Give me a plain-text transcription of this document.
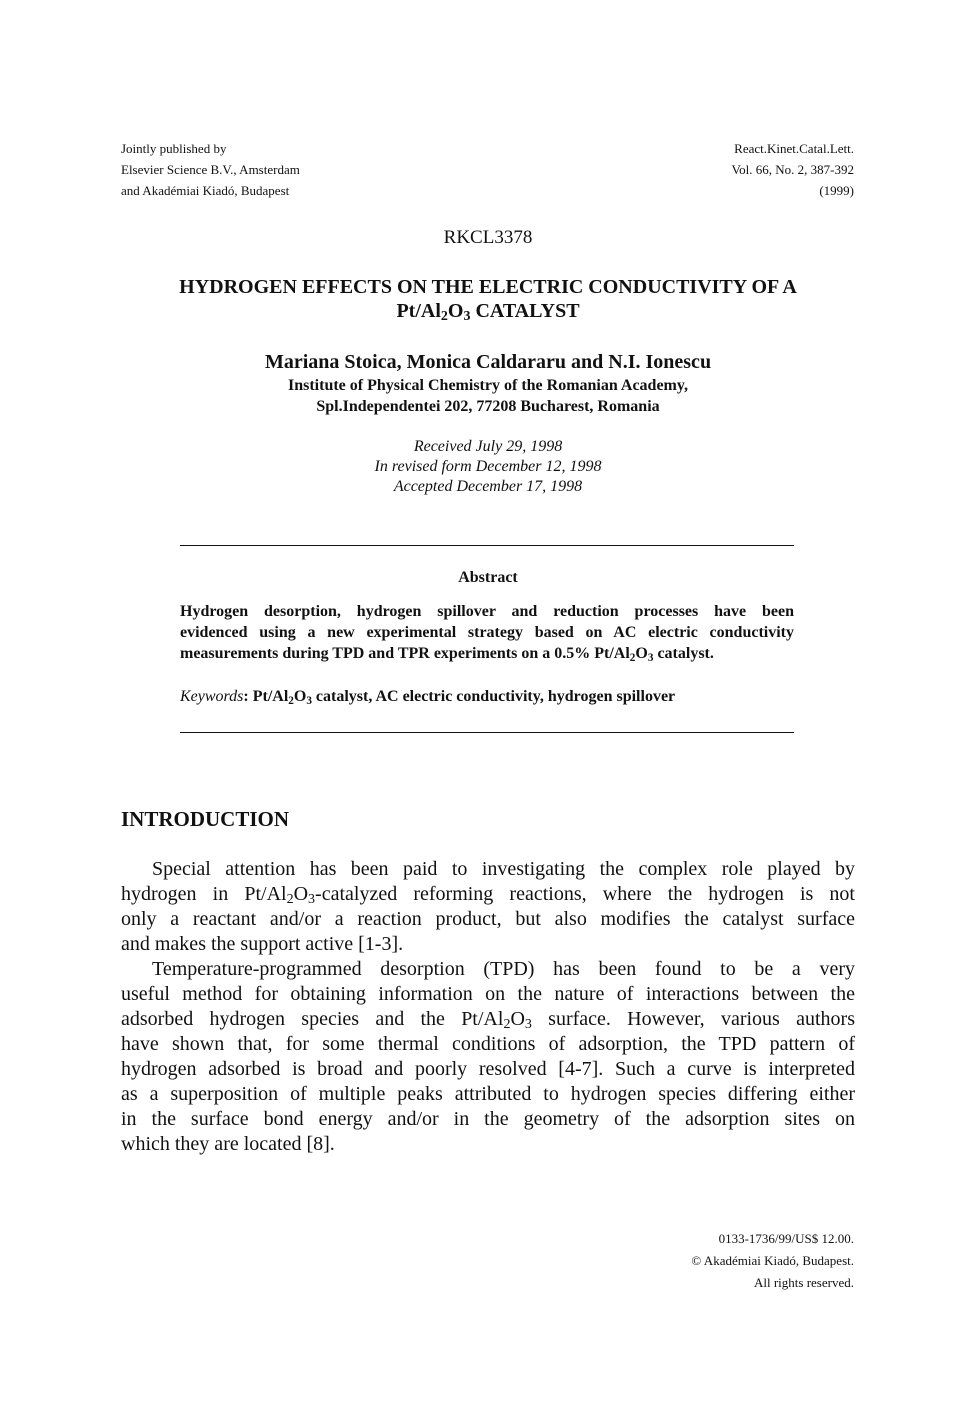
Jointly published by
Elsevier Science B.V., Amsterdam
and Akadémiai Kiadó, Budapest
React.Kinet.Catal.Lett.
Vol. 66, No. 2, 387-392
(1999)
RKCL3378
HYDROGEN EFFECTS ON THE ELECTRIC CONDUCTIVITY OF A
$Pt/Al_2O_3$ CATALYST
Mariana Stoica, Monica Caldararu and N.I. Ionescu
Institute of Physical Chemistry of the Romanian Academy,
Spl.Independentei 202, 77208 Bucharest, Romania
Received July 29, 1998
In revised form December 12, 1998
Accepted December 17, 1998
Abstract
Hydrogen desorption, hydrogen spillover and reduction processes have been
evidenced using a new experimental strategy based on AC electric conductivity
measurements during TPD and TPR experiments on a 0.5% $Pt/Al_2O_3$ catalyst.
Keywords: $Pt/Al_2O_3$ catalyst, AC electric conductivity, hydrogen spillover
INTRODUCTION
Special attention has been paid to investigating the complex role played by
hydrogen in $Pt/Al_2O_3$-catalyzed reforming reactions, where the hydrogen is not
only a reactant and/or a reaction product, but also modifies the catalyst surface
and makes the support active [1-3].
Temperature-programmed desorption (TPD) has been found to be a very
useful method for obtaining information on the nature of interactions between the
adsorbed hydrogen species and the $Pt/Al_2O_3$ surface. However, various authors
have shown that, for some thermal conditions of adsorption, the TPD pattern of
hydrogen adsorbed is broad and poorly resolved [4-7]. Such a curve is interpreted
as a superposition of multiple peaks attributed to hydrogen species differing either
in the surface bond energy and/or in the geometry of the adsorption sites on
which they are located [8].
0133-1736/99/US$ 12.00.
© Akadémiai Kiadó, Budapest.
All rights reserved.
